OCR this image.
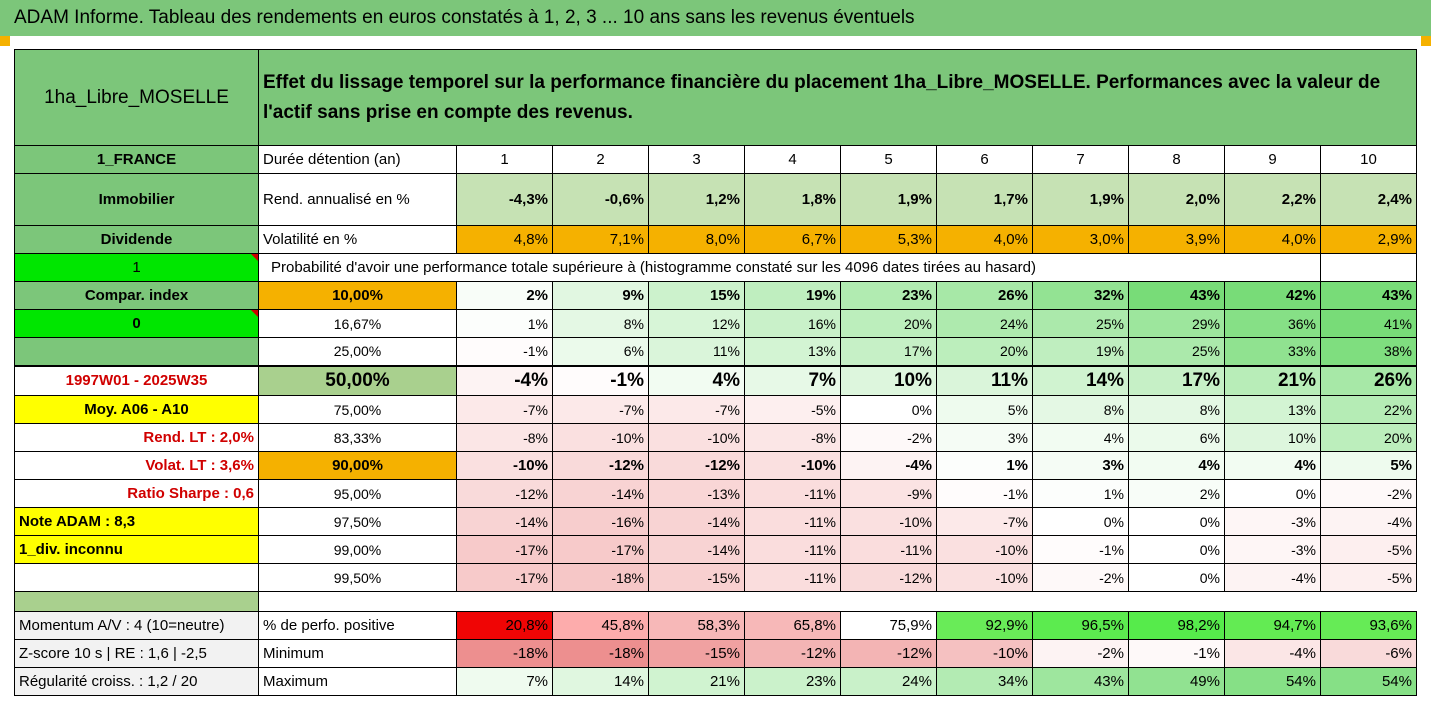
ADAM Informe. Tableau des rendements en euros constatés à 1, 2, 3 ... 10 ans sans les revenus éventuels
1ha_Libre_MOSELLE	Effet du lissage temporel sur la performance financière du placement 1ha_Libre_MOSELLE. Performances avec la valeur de l'actif sans prise en compte des revenus.										
1_FRANCE	Durée détention (an)	1	2	3	4	5	6	7	8	9	10
Immobilier	Rend. annualisé en %	-4,3%	-0,6%	1,2%	1,8%	1,9%	1,7%	1,9%	2,0%	2,2%	2,4%
Dividende	Volatilité en %	4,8%	7,1%	8,0%	6,7%	5,3%	4,0%	3,0%	3,9%	4,0%	2,9%
1	Probabilité d'avoir une performance totale supérieure à (histogramme constaté sur les 4096 dates tirées au hasard)										
Compar. index	10,00%	2%	9%	15%	19%	23%	26%	32%	43%	42%	43%
0	16,67%	1%	8%	12%	16%	20%	24%	25%	29%	36%	41%
	25,00%	-1%	6%	11%	13%	17%	20%	19%	25%	33%	38%
1997W01 - 2025W35	50,00%	-4%	-1%	4%	7%	10%	11%	14%	17%	21%	26%
Moy. A06 - A10	75,00%	-7%	-7%	-7%	-5%	0%	5%	8%	8%	13%	22%
Rend. LT : 2,0%	83,33%	-8%	-10%	-10%	-8%	-2%	3%	4%	6%	10%	20%
Volat. LT : 3,6%	90,00%	-10%	-12%	-12%	-10%	-4%	1%	3%	4%	4%	5%
Ratio Sharpe : 0,6	95,00%	-12%	-14%	-13%	-11%	-9%	-1%	1%	2%	0%	-2%
Note ADAM : 8,3	97,50%	-14%	-16%	-14%	-11%	-10%	-7%	0%	0%	-3%	-4%
1_div. inconnu	99,00%	-17%	-17%	-14%	-11%	-11%	-10%	-1%	0%	-3%	-5%
	99,50%	-17%	-18%	-15%	-11%	-12%	-10%	-2%	0%	-4%	-5%

Momentum A/V : 4 (10=neutre)	% de perfo. positive	20,8%	45,8%	58,3%	65,8%	75,9%	92,9%	96,5%	98,2%	94,7%	93,6%
Z-score 10 s | RE : 1,6 | -2,5	Minimum	-18%	-18%	-15%	-12%	-12%	-10%	-2%	-1%	-4%	-6%
Régularité croiss. : 1,2 / 20	Maximum	7%	14%	21%	23%	24%	34%	43%	49%	54%	54%
